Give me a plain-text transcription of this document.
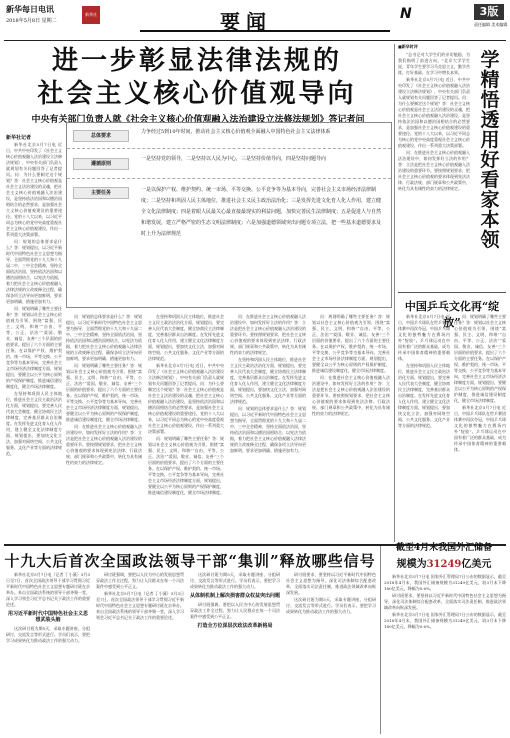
新华每日电讯
2018年5月8日 星期二
新华社	要闻	N	3版
责任编辑 美术编辑
进一步彰显法律法规的
社会主义核心价值观导向
中央有关部门负责人就《社会主义核心价值观融入法治建设立法修法规划》答记者问
总体要求
力争经过5到10年时间，推动社会主义核心价值观全面融入中国特色社会主义法律体系
遵循原则
一是坚持党的领导，二是坚持以人民为中心，三是坚持价值导向，四是坚持问题导向
主要任务	一是以保护产权、维护契约、统一市场、平等交换、公平竞争等为基本导向，完善社会主义市场经济法律制度；二是坚持和巩固人民主体地位，推进社会主义民主政治法治化；三是发挥先进文化育人化人作用，建立健全文化法律制度；四是着眼人民最关心最直接最现实的利益问题，加快完善民生法律制度；五是促进人与自然和谐发展，建立严格严密的生态文明法律制度；六是加强道德领域突出问题专项立法，把一些基本道德要求及时上升为法律规范

新华社记者

新华社北京5月7日电 近日，中共中央印发了《社会主义核心价值观融入法治建设立法修法规划》，中央有关部门负责人就规划有关问题回答了记者提问。问：为什么要制定这个规划？答：社会主义核心价值观是社会主义法治建设的灵魂，把社会主义核心价值观融入法治建设，是坚持依法治国和以德治国相结合的必然要求，是加强社会主义核心价值观建设的重要途径。党的十八大以来，以习近平同志为核心的党中央高度重视社会主义核心价值观建设，作出一系列重大决策部署。

问：规划的总体要求是什么？答：规划提出，以习近平新时代中国特色社会主义思想为指导，全面贯彻党的十九大和十九届二中、三中全会精神，坚持全面依法治国，坚持依法治国和以德治国相结合，以宪法为依据，着力把社会主义核心价值观融入法律法规的立改废释全过程，确保各项立法导向更加鲜明、要求更加明确、措施更加有力。

问：规划明确了哪些主要任务？答：规划以社会主义核心价值观为引领，围绕“富强、民主、文明、和谐”“自由、平等、公正、法治”“爱国、敬业、诚信、友善”三个层面的价值要求，提出了六个方面的主要任务。在以保护产权、维护契约、统一市场、平等交换、公平竞争等为基本导向，完善社会主义市场经济法律制度方面，规划提出，要健全以公平为核心原则的产权保护制度，推进诚信建设制度化，健全市场法律制度。

在坚持和巩固人民主体地位，推进社会主义民主政治法治化方面，规划提出，要完善人民代表大会制度，健全协商民主法律制度，完善基层群众自治制度。在发挥先进文化育人化人作用，建立健全文化法律制度方面，规划提出，要加快文化立法，加强对网络空间、公共文化服务、文化产业等方面的法律规范。

问：规划的总体要求是什么？答：规划提出，以习近平新时代中国特色社会主义思想为指导，全面贯彻党的十九大和十九届二中、三中全会精神，坚持全面依法治国，坚持依法治国和以德治国相结合，以宪法为依据，着力把社会主义核心价值观融入法律法规的立改废释全过程，确保各项立法导向更加鲜明、要求更加明确、措施更加有力。

问：规划明确了哪些主要任务？答：规划以社会主义核心价值观为引领，围绕“富强、民主、文明、和谐”“自由、平等、公正、法治”“爱国、敬业、诚信、友善”三个层面的价值要求，提出了六个方面的主要任务。在以保护产权、维护契约、统一市场、平等交换、公平竞争等为基本导向，完善社会主义市场经济法律制度方面，规划提出，要健全以公平为核心原则的产权保护制度，推进诚信建设制度化，健全市场法律制度。

问：在推进社会主义核心价值观融入法治建设中，如何发挥好立法的作用？答：立法是把社会主义核心价值观融入法治建设的重要环节。要按照规划要求，把社会主义核心价值观的要求体现到宪法法律、行政法规、部门规章和公共政策中，转化为具有刚性约束力的法律规定。

在坚持和巩固人民主体地位，推进社会主义民主政治法治化方面，规划提出，要完善人民代表大会制度，健全协商民主法律制度，完善基层群众自治制度。在发挥先进文化育人化人作用，建立健全文化法律制度方面，规划提出，要加快文化立法，加强对网络空间、公共文化服务、文化产业等方面的法律规范。

新华社北京5月7日电 近日，中共中央印发了《社会主义核心价值观融入法治建设立法修法规划》，中央有关部门负责人就规划有关问题回答了记者提问。问：为什么要制定这个规划？答：社会主义核心价值观是社会主义法治建设的灵魂，把社会主义核心价值观融入法治建设，是坚持依法治国和以德治国相结合的必然要求，是加强社会主义核心价值观建设的重要途径。党的十八大以来，以习近平同志为核心的党中央高度重视社会主义核心价值观建设，作出一系列重大决策部署。

问：规划明确了哪些主要任务？答：规划以社会主义核心价值观为引领，围绕“富强、民主、文明、和谐”“自由、平等、公正、法治”“爱国、敬业、诚信、友善”三个层面的价值要求，提出了六个方面的主要任务。在以保护产权、维护契约、统一市场、平等交换、公平竞争等为基本导向，完善社会主义市场经济法律制度方面，规划提出，要健全以公平为核心原则的产权保护制度，推进诚信建设制度化，健全市场法律制度。

问：在推进社会主义核心价值观融入法治建设中，如何发挥好立法的作用？答：立法是把社会主义核心价值观融入法治建设的重要环节。要按照规划要求，把社会主义核心价值观的要求体现到宪法法律、行政法规、部门规章和公共政策中，转化为具有刚性约束力的法律规定。

在坚持和巩固人民主体地位，推进社会主义民主政治法治化方面，规划提出，要完善人民代表大会制度，健全协商民主法律制度，完善基层群众自治制度。在发挥先进文化育人化人作用，建立健全文化法律制度方面，规划提出，要加快文化立法，加强对网络空间、公共文化服务、文化产业等方面的法律规范。

问：规划的总体要求是什么？答：规划提出，以习近平新时代中国特色社会主义思想为指导，全面贯彻党的十九大和十九届二中、三中全会精神，坚持全面依法治国，坚持依法治国和以德治国相结合，以宪法为依据，着力把社会主义核心价值观融入法律法规的立改废释全过程，确保各项立法导向更加鲜明、要求更加明确、措施更加有力。

问：规划明确了哪些主要任务？答：规划以社会主义核心价值观为引领，围绕“富强、民主、文明、和谐”“自由、平等、公正、法治”“爱国、敬业、诚信、友善”三个层面的价值要求，提出了六个方面的主要任务。在以保护产权、维护契约、统一市场、平等交换、公平竞争等为基本导向，完善社会主义市场经济法律制度方面，规划提出，要健全以公平为核心原则的产权保护制度，推进诚信建设制度化，健全市场法律制度。

问：在推进社会主义核心价值观融入法治建设中，如何发挥好立法的作用？答：立法是把社会主义核心价值观融入法治建设的重要环节。要按照规划要求，把社会主义核心价值观的要求体现到宪法法律、行政法规、部门规章和公共政策中，转化为具有刚性约束力的法律规定。

■新华时评

“总书记对大学生们的亲切勉励，为我们指明了前进方向。”北京大学学生说，青年学生要学习马克思主义，勤学苦练，打好基础，在学习中增长本领。

新华社北京5月7日电 近日，中共中央印发了《社会主义核心价值观融入法治建设立法修法规划》，中央有关部门负责人就规划有关问题回答了记者提问。问：为什么要制定这个规划？答：社会主义核心价值观是社会主义法治建设的灵魂，把社会主义核心价值观融入法治建设，是坚持依法治国和以德治国相结合的必然要求，是加强社会主义核心价值观建设的重要途径。党的十八大以来，以习近平同志为核心的党中央高度重视社会主义核心价值观建设，作出一系列重大决策部署。

问：在推进社会主义核心价值观融入法治建设中，如何发挥好立法的作用？答：立法是把社会主义核心价值观融入法治建设的重要环节。要按照规划要求，把社会主义核心价值观的要求体现到宪法法律、行政法规、部门规章和公共政策中，转化为具有刚性约束力的法律规定。

学
精
悟
透
用
好
看
家
本
领
中国乒乓文化再“绽放”

新华社北京5月7日电 近日，中国乒乓球队在世乒赛团体赛中再次夺冠，中国乒乓球文化的独特魅力在赛场内外“绽放”。乒乓球运动在中国有着广泛的群众基础，成为传承中国体育精神的重要载体。

在坚持和巩固人民主体地位，推进社会主义民主政治法治化方面，规划提出，要完善人民代表大会制度，健全协商民主法律制度，完善基层群众自治制度。在发挥先进文化育人化人作用，建立健全文化法律制度方面，规划提出，要加快文化立法，加强对网络空间、公共文化服务、文化产业等方面的法律规范。

问：规划明确了哪些主要任务？答：规划以社会主义核心价值观为引领，围绕“富强、民主、文明、和谐”“自由、平等、公正、法治”“爱国、敬业、诚信、友善”三个层面的价值要求，提出了六个方面的主要任务。在以保护产权、维护契约、统一市场、平等交换、公平竞争等为基本导向，完善社会主义市场经济法律制度方面，规划提出，要健全以公平为核心原则的产权保护制度，推进诚信建设制度化，健全市场法律制度。

新华社北京5月7日电 近日，中国乒乓球队在世乒赛团体赛中再次夺冠，中国乒乓球文化的独特魅力在赛场内外“绽放”。乒乓球运动在中国有着广泛的群众基础，成为传承中国体育精神的重要载体。

十九大后首次全国政法领导干部“集训”释放哪些信号

新华社北京5月7日电（记者 丁小溪）5月3日至7日，首次全国政法领导干部学习贯彻习近平新时代中国特色社会主义思想专题研讨班在京举办。来自全国政法系统的领导干部齐聚一堂，深入学习领会习近平总书记关于政法工作的重要论述。

用习近平新时代中国特色社会主义思想武装头脑

这次研讨班为期5天，采取专题讲座、分组研讨、交流发言等形式进行。学员们表示，要把学习成果转化为推动政法工作的强大动力。

研讨班强调，要把以人民为中心的发展思想贯穿政法工作全过程，努力让人民群众在每一个司法案件中感受到公平正义。

新华社北京5月7日电（记者 丁小溪）5月3日至7日，首次全国政法领导干部学习贯彻习近平新时代中国特色社会主义思想专题研讨班在京举办。来自全国政法系统的领导干部齐聚一堂，深入学习领会习近平总书记关于政法工作的重要论述。

这次研讨班为期5天，采取专题讲座、分组研讨、交流发言等形式进行。学员们表示，要把学习成果转化为推动政法工作的强大动力。

从体制机制上解决损害群众权益突出问题

研讨班强调，要把以人民为中心的发展思想贯穿政法工作全过程，努力让人民群众在每一个司法案件中感受到公平正义。

打造全方位深层次政法改革新格局

研讨班要求，要坚持以习近平新时代中国特色社会主义思想为指导，深化司法体制综合配套改革，全面落实司法责任制，推进政法领域改革向纵深发展。

这次研讨班为期5天，采取专题讲座、分组研讨、交流发言等形式进行。学员们表示，要把学习成果转化为推动政法工作的强大动力。

截至4月末我国外汇储备
规模为31249亿美元

新华社北京5月7日电 国家外汇管理局7日公布的数据显示，截至2018年4月末，我国外汇储备规模为31249亿美元，较3月末下降180亿美元，降幅为0.6%。

研讨班要求，要坚持以习近平新时代中国特色社会主义思想为指导，深化司法体制综合配套改革，全面落实司法责任制，推进政法领域改革向纵深发展。

新华社北京5月7日电 国家外汇管理局7日公布的数据显示，截至2018年4月末，我国外汇储备规模为31249亿美元，较3月末下降180亿美元，降幅为0.6%。
